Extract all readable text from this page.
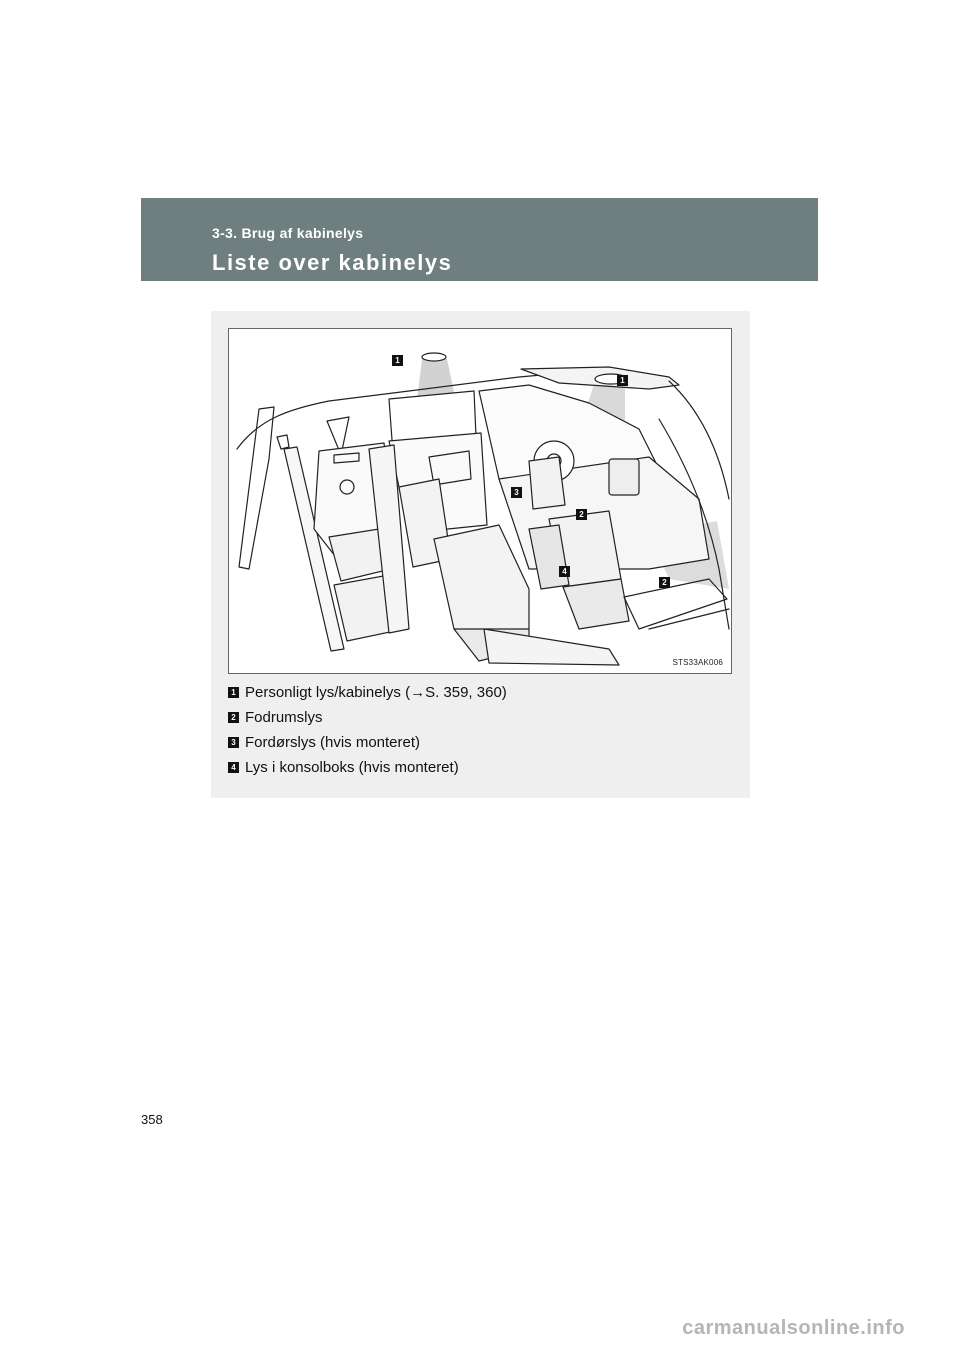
3-3. Brug af kabinelys
Liste over kabinelys
1
1
3
2
4
2
STS33AK006
1 Personligt lys/kabinelys (→S. 359, 360)
2 Fodrumslys
3 Fordørslys (hvis monteret)
4 Lys i konsolboks (hvis monteret)
358
carmanualsonline.info
